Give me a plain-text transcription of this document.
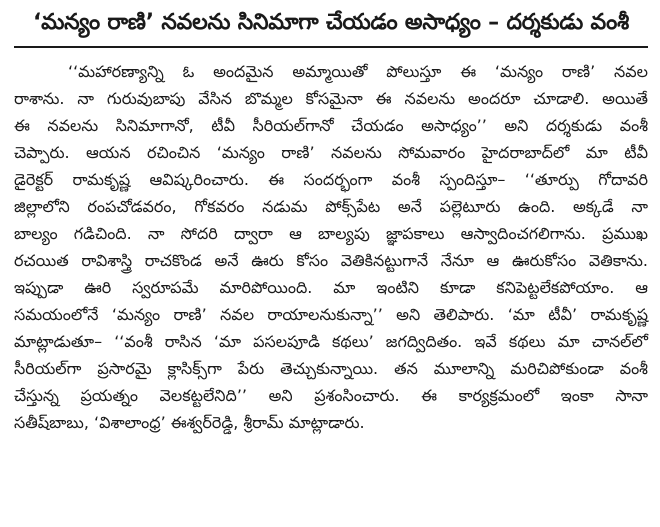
‘మన్యం రాణి’ నవలను సినిమాగా చేయడం అసాధ్యం – దర్శకుడు వంశీ
‘‘మహారణ్యాన్ని ఓ అందమైన అమ్మాయితో పోలుస్తూ ఈ ‘మన్యం రాణి’ నవల
రాశాను. నా గురువుబాపు వేసిన బొమ్మల కోసమైనా ఈ నవలను అందరూ చూడాలి. అయితే
ఈ నవలను సినిమాగానో, టీవీ సీరియల్‌గానో చేయడం అసాధ్యం’’ అని దర్శకుడు వంశీ
చెప్పారు. ఆయన రచించిన ‘మన్యం రాణి’ నవలను సోమవారం హైదరాబాద్‌లో మా టీవీ
డైరెక్టర్ రామకృష్ణ ఆవిష్కరించారు. ఈ సందర్భంగా వంశీ స్పందిస్తూ– ‘‘తూర్పు గోదావరి
జిల్లాలోని రంపచోడవరం, గోకవరం నడుమ పోక్స్‌పేట అనే పల్లెటూరు ఉంది. అక్కడే నా
బాల్యం గడిచింది. నా సోదరి ద్వారా ఆ బాల్యపు జ్ఞాపకాలు ఆస్వాదించగలిగాను. ప్రముఖ
రచయిత రావిశాస్త్రి రాచకొండ అనే ఊరు కోసం వెతికినట్టుగానే నేనూ ఆ ఊరుకోసం వెతికాను.
ఇప్పుడా ఊరి స్వరూపమే మారిపోయింది. మా ఇంటిని కూడా కనిపెట్టలేకపోయాం. ఆ
సమయంలోనే ‘మన్యం రాణి’ నవల రాయాలనుకున్నా’’ అని తెలిపారు. ‘మా టీవీ’ రామకృష్ణ
మాట్లాడుతూ– ‘‘వంశీ రాసిన ‘మా పసలపూడి కథలు’ జగద్విదితం. ఇవే కథలు మా చానల్‌లో
సీరియల్‌గా ప్రసారమై క్లాసిక్స్‌గా పేరు తెచ్చుకున్నాయి. తన మూలాన్ని మరిచిపోకుండా వంశీ
చేస్తున్న ప్రయత్నం వెలకట్టలేనిది’’ అని ప్రశంసించారు. ఈ కార్యక్రమంలో ఇంకా సానా
సతీష్‌బాబు, ‘విశాలాంధ్ర’ ఈశ్వర్‌రెడ్డి, శ్రీరామ్ మాట్లాడారు.
